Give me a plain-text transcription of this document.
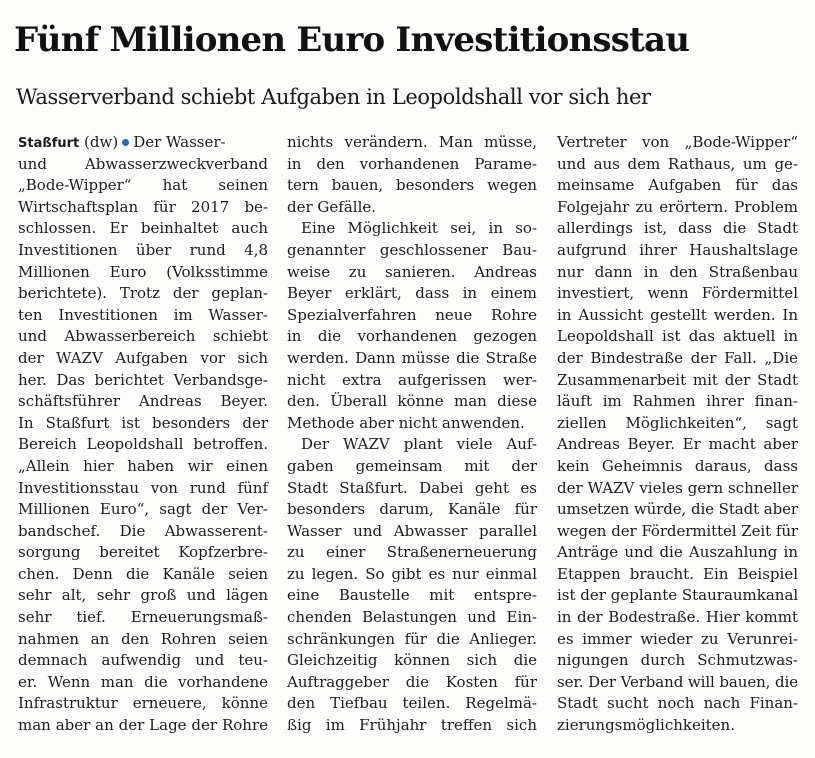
Fünf Millionen Euro Investitionsstau
Wasserverband schiebt Aufgaben in Leopoldshall vor sich her
Staßfurt (dw) Der Wasser-
und Abwasserzweckverband
„Bode-Wipper“ hat seinen
Wirtschaftsplan für 2017 be-
schlossen. Er beinhaltet auch
Investitionen über rund 4,8
Millionen Euro (Volksstimme
berichtete). Trotz der geplan-
ten Investitionen im Wasser-
und Abwasserbereich schiebt
der WAZV Aufgaben vor sich
her. Das berichtet Verbandsge-
schäftsführer Andreas Beyer.
In Staßfurt ist besonders der
Bereich Leopoldshall betroffen.
„Allein hier haben wir einen
Investitionsstau von rund fünf
Millionen Euro“, sagt der Ver-
bandschef. Die Abwasserent-
sorgung bereitet Kopfzerbre-
chen. Denn die Kanäle seien
sehr alt, sehr groß und lägen
sehr tief. Erneuerungsmaß-
nahmen an den Rohren seien
demnach aufwendig und teu-
er. Wenn man die vorhandene
Infrastruktur erneuere, könne
man aber an der Lage der Rohre
nichts verändern. Man müsse,
in den vorhandenen Parame-
tern bauen, besonders wegen
der Gefälle.
Eine Möglichkeit sei, in so-
genannter geschlossener Bau-
weise zu sanieren. Andreas
Beyer erklärt, dass in einem
Spezialverfahren neue Rohre
in die vorhandenen gezogen
werden. Dann müsse die Straße
nicht extra aufgerissen wer-
den. Überall könne man diese
Methode aber nicht anwenden.
Der WAZV plant viele Auf-
gaben gemeinsam mit der
Stadt Staßfurt. Dabei geht es
besonders darum, Kanäle für
Wasser und Abwasser parallel
zu einer Straßenerneuerung
zu legen. So gibt es nur einmal
eine Baustelle mit entspre-
chenden Belastungen und Ein-
schränkungen für die Anlieger.
Gleichzeitig können sich die
Auftraggeber die Kosten für
den Tiefbau teilen. Regelmä-
ßig im Frühjahr treffen sich
Vertreter von „Bode-Wipper“
und aus dem Rathaus, um ge-
meinsame Aufgaben für das
Folgejahr zu erörtern. Problem
allerdings ist, dass die Stadt
aufgrund ihrer Haushaltslage
nur dann in den Straßenbau
investiert, wenn Fördermittel
in Aussicht gestellt werden. In
Leopoldshall ist das aktuell in
der Bindestraße der Fall. „Die
Zusammenarbeit mit der Stadt
läuft im Rahmen ihrer finan-
ziellen Möglichkeiten“, sagt
Andreas Beyer. Er macht aber
kein Geheimnis daraus, dass
der WAZV vieles gern schneller
umsetzen würde, die Stadt aber
wegen der Fördermittel Zeit für
Anträge und die Auszahlung in
Etappen braucht. Ein Beispiel
ist der geplante Stauraumkanal
in der Bodestraße. Hier kommt
es immer wieder zu Verunrei-
nigungen durch Schmutzwas-
ser. Der Verband will bauen, die
Stadt sucht noch nach Finan-
zierungsmöglichkeiten.
